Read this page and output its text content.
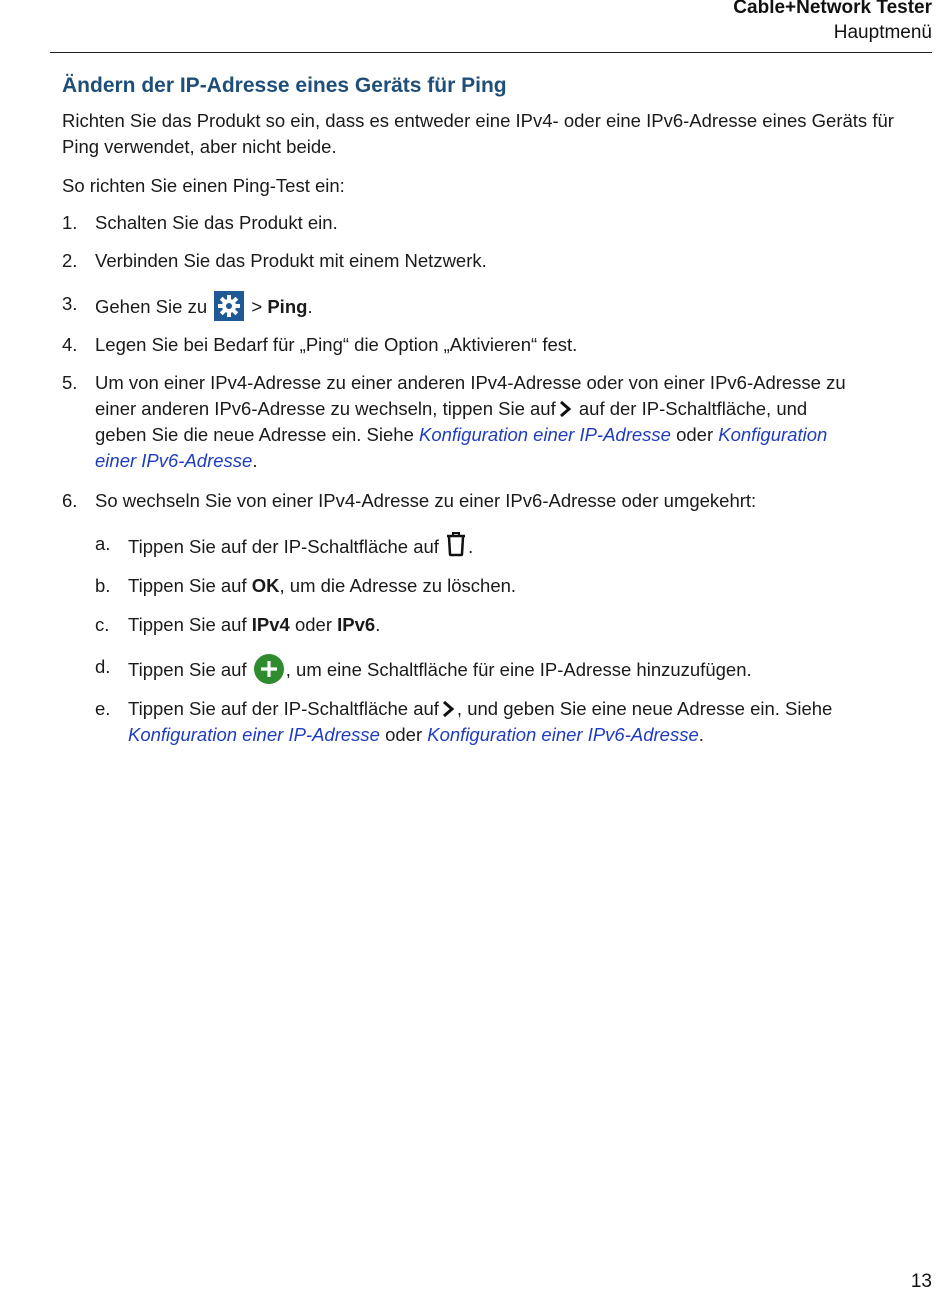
Cable+Network Tester
Hauptmenü
Ändern der IP-Adresse eines Geräts für Ping

Richten Sie das Produkt so ein, dass es entweder eine IPv4- oder eine IPv6-Adresse eines Geräts für Ping verwendet, aber nicht beide.

So richten Sie einen Ping-Test ein:

1. Schalten Sie das Produkt ein.
2. Verbinden Sie das Produkt mit einem Netzwerk.
3. Gehen Sie zu
> Ping.
4. Legen Sie bei Bedarf für „Ping“ die Option „Aktivieren“ fest.
5. Um von einer IPv4-Adresse zu einer anderen IPv4-Adresse oder von einer IPv6-Adresse zu
einer anderen IPv6-Adresse zu wechseln, tippen Sie auf auf der IP-Schaltfläche, und
geben Sie die neue Adresse ein. Siehe Konfiguration einer IP-Adresse oder Konfiguration
einer IPv6-Adresse.
6. So wechseln Sie von einer IPv4-Adresse zu einer IPv6-Adresse oder umgekehrt:
a. Tippen Sie auf der IP-Schaltfläche auf .
b. Tippen Sie auf OK, um die Adresse zu löschen.
c. Tippen Sie auf IPv4 oder IPv6.
d. Tippen Sie auf , um eine Schaltfläche für eine IP-Adresse hinzuzufügen.
e. Tippen Sie auf der IP-Schaltfläche auf , und geben Sie eine neue Adresse ein. Siehe
Konfiguration einer IP-Adresse oder Konfiguration einer IPv6-Adresse.
13
